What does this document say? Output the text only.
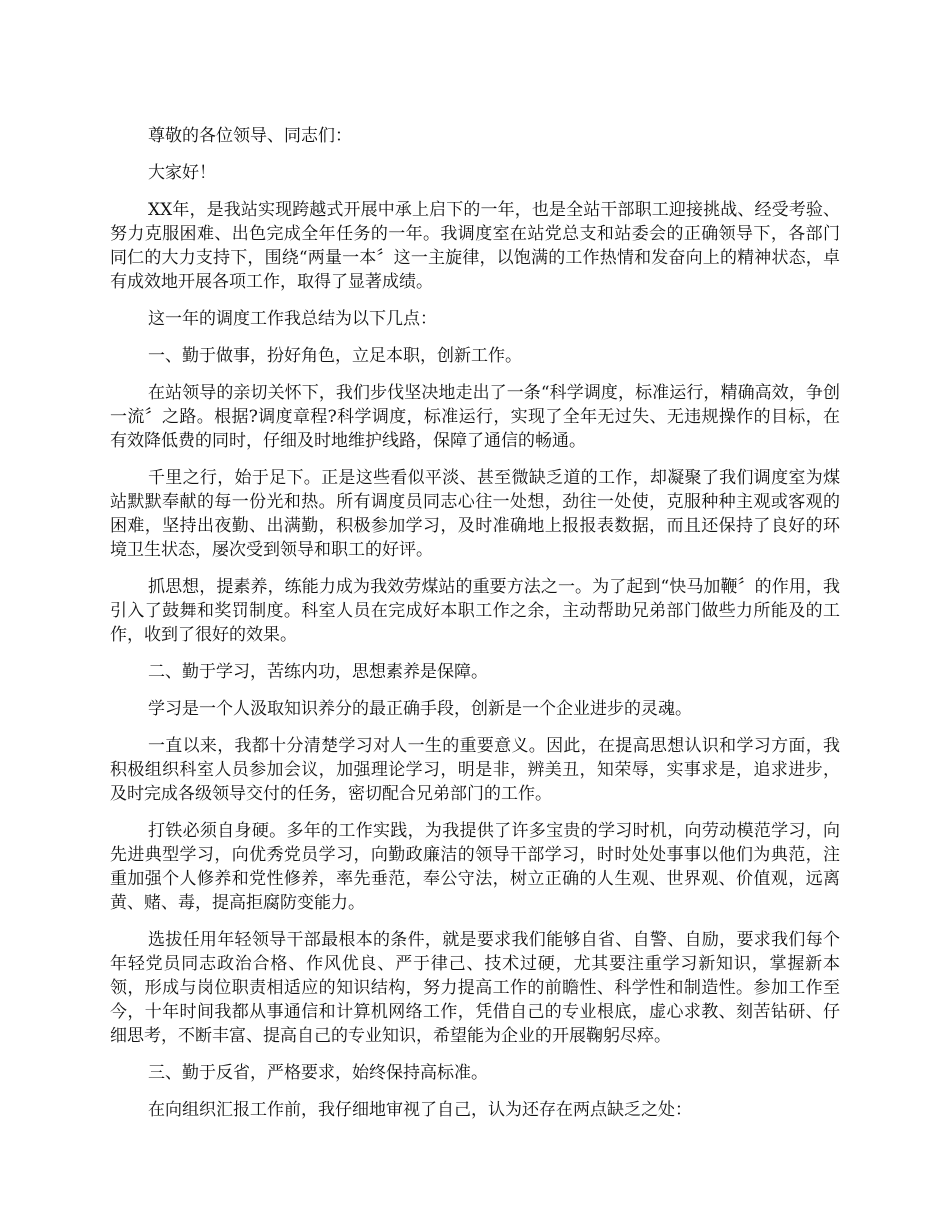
尊敬的各位领导、同志们：

大家好！

XX年，是我站实现跨越式开展中承上启下的一年，也是全站干部职工迎接挑战、经受考验、努力克服困难、出色完成全年任务的一年。我调度室在站党总支和站委会的正确领导下，各部门同仁的大力支持下，围绕“两量一本〞这一主旋律，以饱满的工作热情和发奋向上的精神状态，卓有成效地开展各项工作，取得了显著成绩。

这一年的调度工作我总结为以下几点：

一、勤于做事，扮好角色，立足本职，创新工作。

在站领导的亲切关怀下，我们步伐坚决地走出了一条“科学调度，标准运行，精确高效，争创一流〞之路。根据?调度章程?科学调度，标准运行，实现了全年无过失、无违规操作的目标，在有效降低费的同时，仔细及时地维护线路，保障了通信的畅通。

千里之行，始于足下。正是这些看似平淡、甚至微缺乏道的工作，却凝聚了我们调度室为煤站默默奉献的每一份光和热。所有调度员同志心往一处想，劲往一处使，克服种种主观或客观的困难，坚持出夜勤、出满勤，积极参加学习，及时准确地上报报表数据，而且还保持了良好的环境卫生状态，屡次受到领导和职工的好评。

抓思想，提素养，练能力成为我效劳煤站的重要方法之一。为了起到“快马加鞭〞的作用，我引入了鼓舞和奖罚制度。科室人员在完成好本职工作之余，主动帮助兄弟部门做些力所能及的工作，收到了很好的效果。

二、勤于学习，苦练内功，思想素养是保障。

学习是一个人汲取知识养分的最正确手段，创新是一个企业进步的灵魂。

一直以来，我都十分清楚学习对人一生的重要意义。因此，在提高思想认识和学习方面，我积极组织科室人员参加会议，加强理论学习，明是非，辨美丑，知荣辱，实事求是，追求进步，及时完成各级领导交付的任务，密切配合兄弟部门的工作。

打铁必须自身硬。多年的工作实践，为我提供了许多宝贵的学习时机，向劳动模范学习，向先进典型学习，向优秀党员学习，向勤政廉洁的领导干部学习，时时处处事事以他们为典范，注重加强个人修养和党性修养，率先垂范，奉公守法，树立正确的人生观、世界观、价值观，远离黄、赌、毒，提高拒腐防变能力。

选拔任用年轻领导干部最根本的条件，就是要求我们能够自省、自警、自励，要求我们每个年轻党员同志政治合格、作风优良、严于律己、技术过硬，尤其要注重学习新知识，掌握新本领，形成与岗位职责相适应的知识结构，努力提高工作的前瞻性、科学性和制造性。参加工作至今，十年时间我都从事通信和计算机网络工作，凭借自己的专业根底，虚心求教、刻苦钻研、仔细思考，不断丰富、提高自己的专业知识，希望能为企业的开展鞠躬尽瘁。

三、勤于反省，严格要求，始终保持高标准。

在向组织汇报工作前，我仔细地审视了自己，认为还存在两点缺乏之处：
